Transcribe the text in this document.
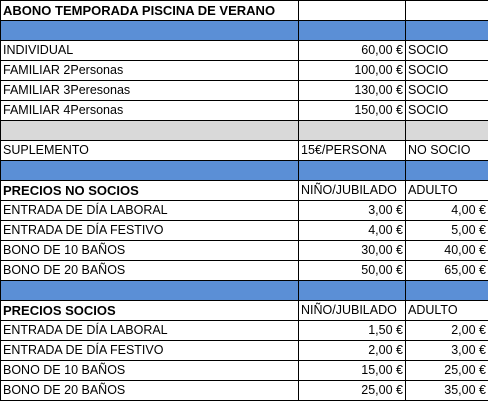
ABONO TEMPORADA PISCINA DE VERANO		

INDIVIDUAL	60,00 €	SOCIO
FAMILIAR 2Personas	100,00 €	SOCIO
FAMILIAR 3Peresonas	130,00 €	SOCIO
FAMILIAR 4Personas	150,00 €	SOCIO

SUPLEMENTO	15€/PERSONA	NO SOCIO

PRECIOS NO SOCIOS	NIÑO/JUBILADO	ADULTO
ENTRADA DE DÍA LABORAL	3,00 €	4,00 €
ENTRADA DE DÍA FESTIVO	4,00 €	5,00 €
BONO DE 10 BAÑOS	30,00 €	40,00 €
BONO DE 20 BAÑOS	50,00 €	65,00 €

PRECIOS SOCIOS	NIÑO/JUBILADO	ADULTO
ENTRADA DE DÍA LABORAL	1,50 €	2,00 €
ENTRADA DE DÍA FESTIVO	2,00 €	3,00 €
BONO DE 10 BAÑOS	15,00 €	25,00 €
BONO DE 20 BAÑOS	25,00 €	35,00 €
